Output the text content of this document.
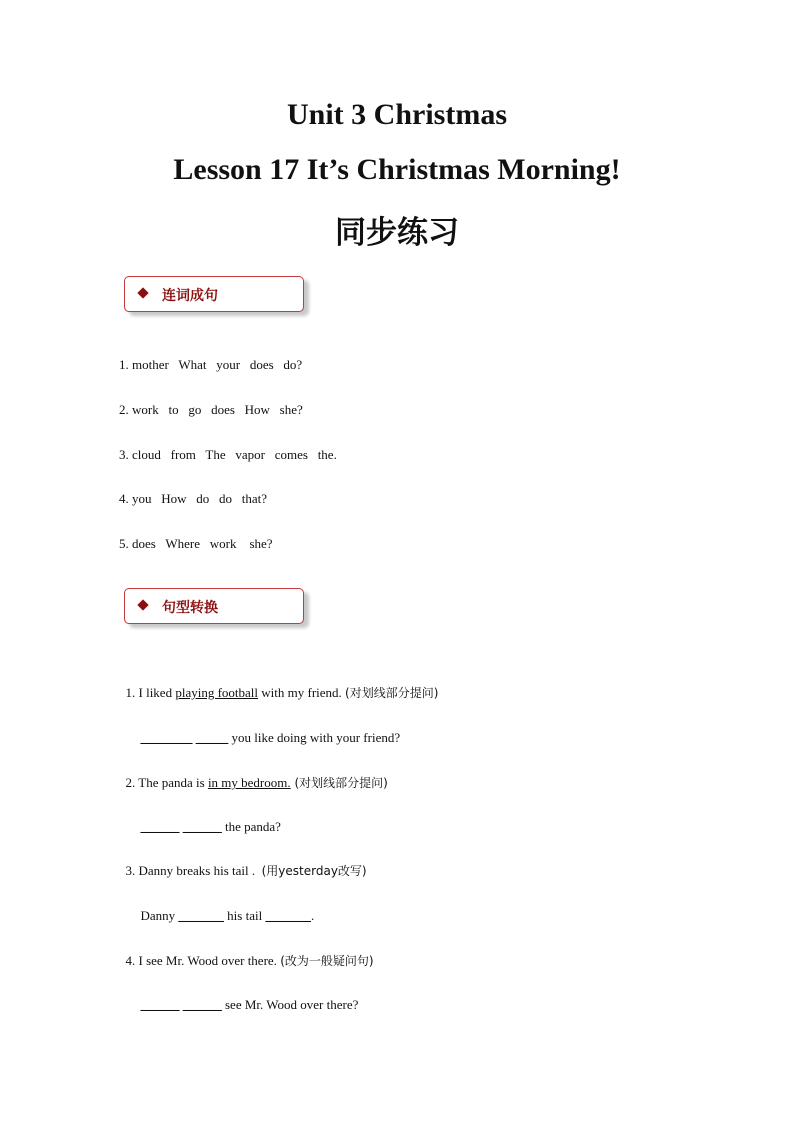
Unit 3 Christmas
Lesson 17 It’s Christmas Morning!
同步练习
连词成句
1. mother   What   your   does   do?
2. work   to   go   does   How   she?
3. cloud   from   The   vapor   comes   the.
4. you   How   do   do   that?
5. does   Where   work    she?
句型转换

1. I liked playing football with my friend. (对划线部分提问)

________ _____ you like doing with your friend?

2. The panda is in my bedroom. (对划线部分提问)

______ ______ the panda?

3. Danny breaks his tail .  (用yesterday改写)

Danny _______ his tail _______.

4. I see Mr. Wood over there. (改为一般疑问句)

______ ______ see Mr. Wood over there?
